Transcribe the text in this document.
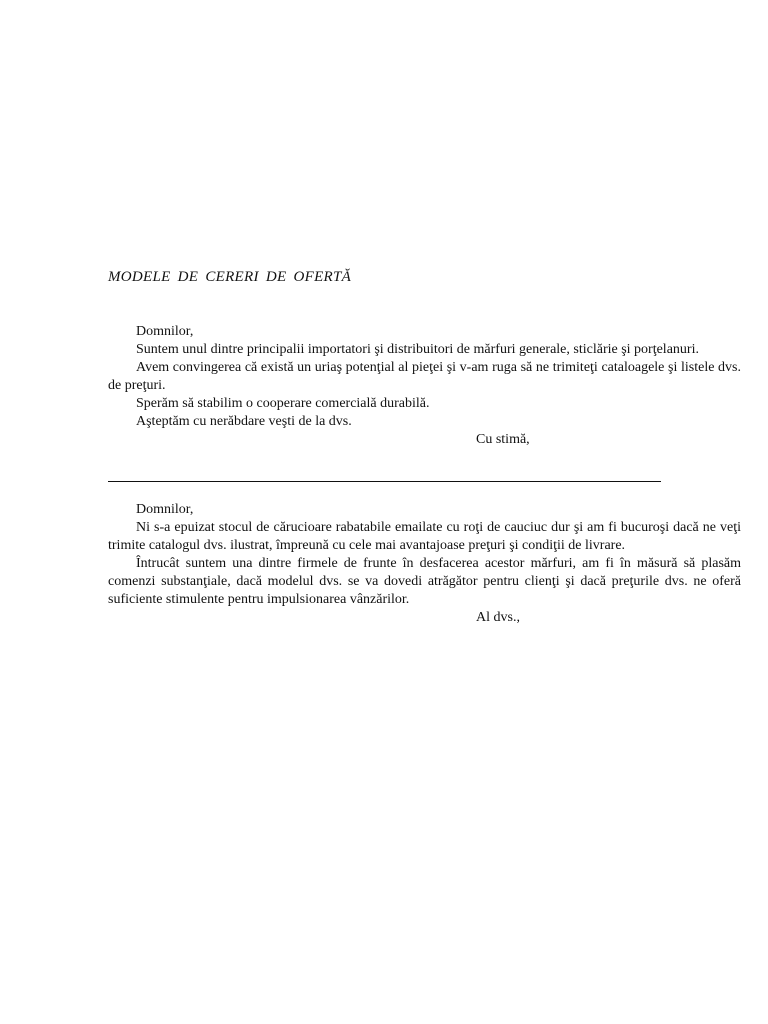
MODELE DE CERERI DE OFERTĂ

Domnilor,

Suntem unul dintre principalii importatori şi distribuitori de mărfuri generale, sticlărie şi porţelanuri.

Avem convingerea că există un uriaş potenţial al pieţei şi v-am ruga să ne trimiteţi cataloagele şi listele dvs. de preţuri.

Sperăm să stabilim o cooperare comercială durabilă.

Aşteptăm cu nerăbdare veşti de la dvs.

Cu stimă,

Domnilor,

Ni s-a epuizat stocul de cărucioare rabatabile emailate cu roţi de cauciuc dur şi am fi bucuroşi dacă ne veţi trimite catalogul dvs. ilustrat, împreună cu cele mai avantajoase preţuri şi condiţii de livrare.

Întrucât suntem una dintre firmele de frunte în desfacerea acestor mărfuri, am fi în măsură să plasăm comenzi substanţiale, dacă modelul dvs. se va dovedi atrăgător pentru clienţi şi dacă preţurile dvs. ne oferă suficiente stimulente pentru impulsionarea vânzărilor.

Al dvs.,
